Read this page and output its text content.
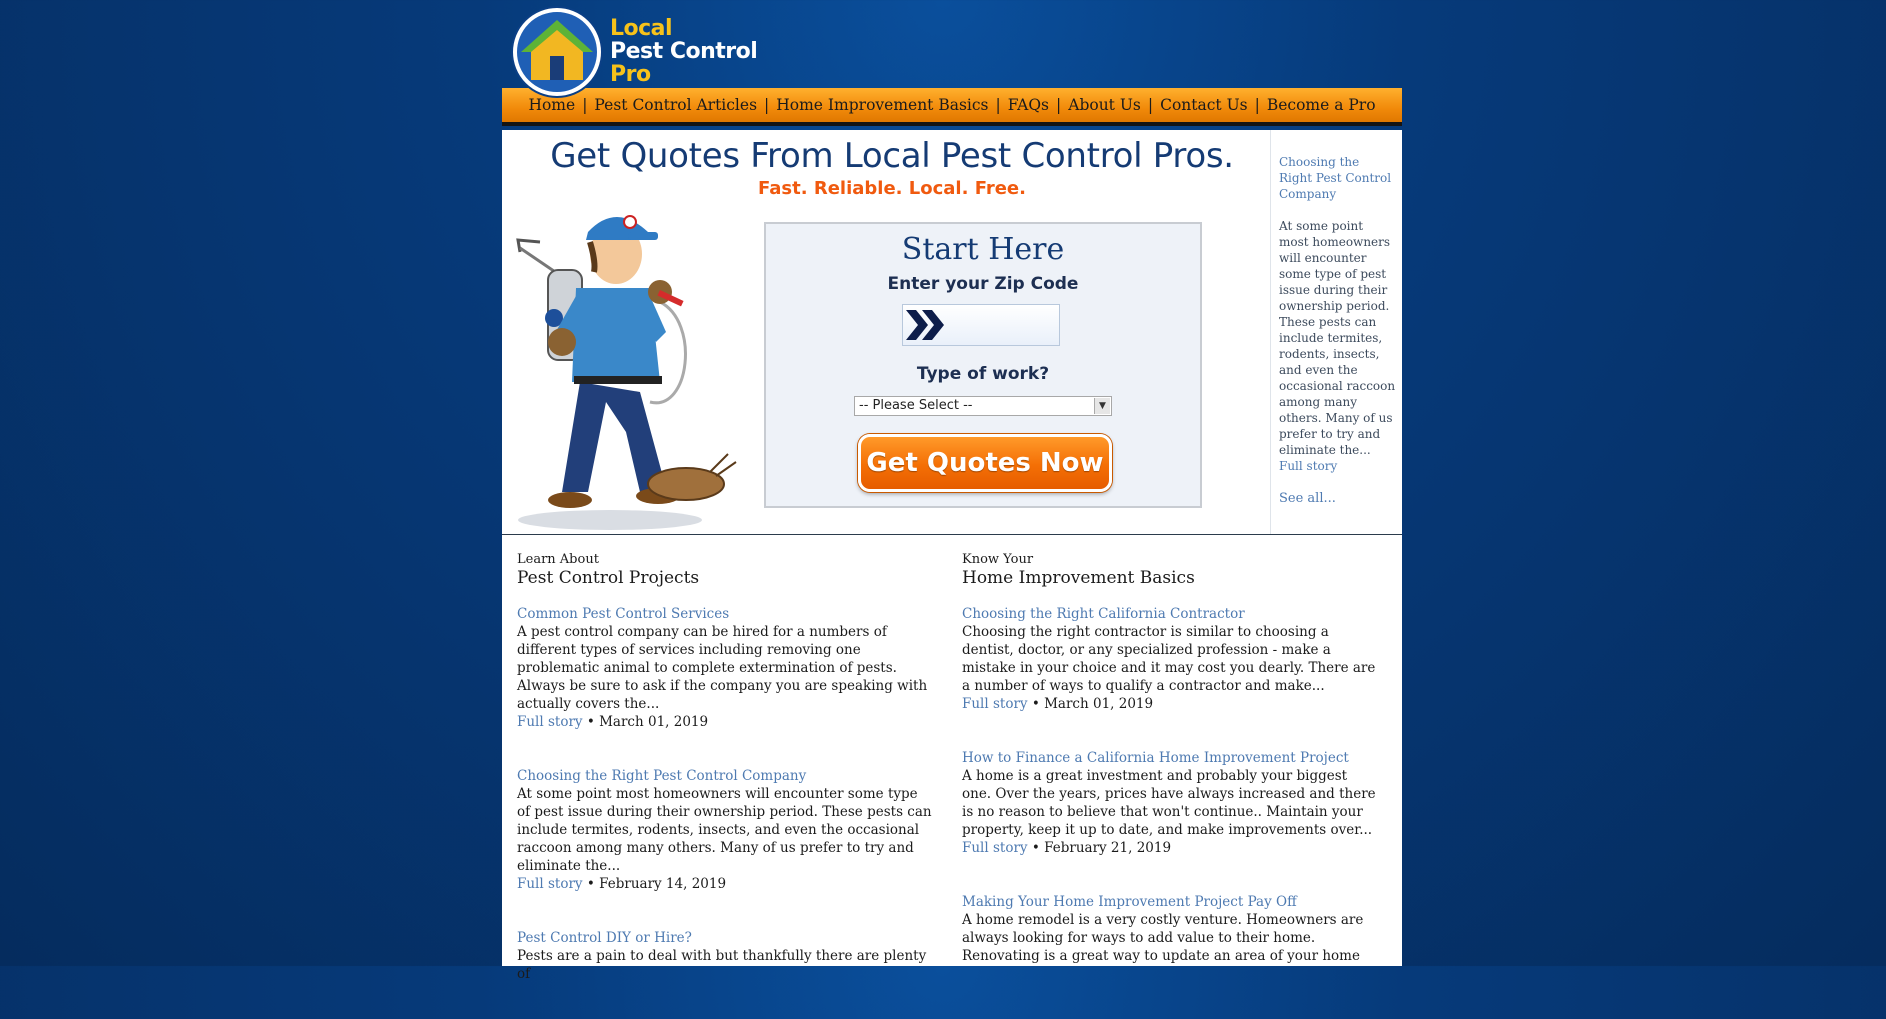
Local
Pest Control
Pro
Home | Pest Control Articles | Home Improvement Basics | FAQs | About Us | Contact Us | Become a Pro
Get Quotes From Local Pest Control Pros.
Fast. Reliable. Local. Free.
Start Here
Enter your Zip Code
Type of work?
-- Please Select --	▼
Get Quotes Now
Choosing the Right Pest Control Company
At some point most homeowners will encounter some type of pest issue during their ownership period. These pests can include termites, rodents, insects, and even the occasional raccoon among many others. Many of us prefer to try and eliminate the...
Full story
See all...
Learn About
Pest Control Projects
Common Pest Control Services
A pest control company can be hired for a numbers of different types of services including removing one problematic animal to complete extermination of pests. Always be sure to ask if the company you are speaking with actually covers the...
Full story • March 01, 2019
Choosing the Right Pest Control Company
At some point most homeowners will encounter some type of pest issue during their ownership period. These pests can include termites, rodents, insects, and even the occasional raccoon among many others. Many of us prefer to try and eliminate the...
Full story • February 14, 2019
Pest Control DIY or Hire?
Pests are a pain to deal with but thankfully there are plenty of
Know Your
Home Improvement Basics
Choosing the Right California Contractor
Choosing the right contractor is similar to choosing a dentist, doctor, or any specialized profession - make a mistake in your choice and it may cost you dearly. There are a number of ways to qualify a contractor and make...
Full story • March 01, 2019
How to Finance a California Home Improvement Project
A home is a great investment and probably your biggest one. Over the years, prices have always increased and there is no reason to believe that won't continue.. Maintain your property, keep it up to date, and make improvements over...
Full story • February 21, 2019
Making Your Home Improvement Project Pay Off
A home remodel is a very costly venture. Homeowners are always looking for ways to add value to their home. Renovating is a great way to update an area of your home
